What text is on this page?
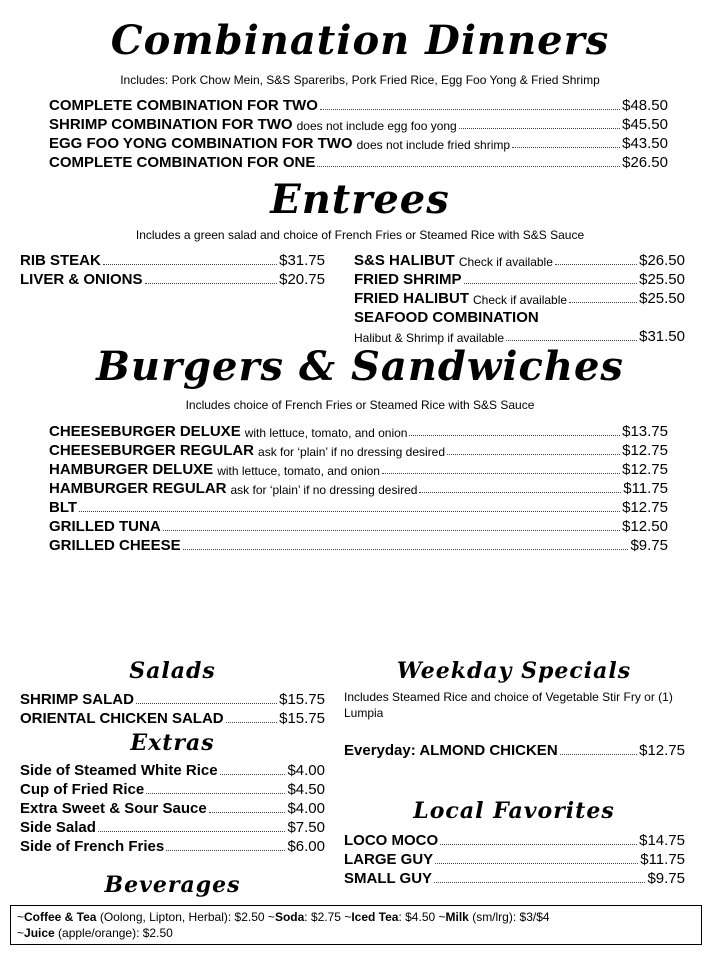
Combination Dinners
Includes: Pork Chow Mein, S&S Spareribs, Pork Fried Rice, Egg Foo Yong & Fried Shrimp
COMPLETE COMBINATION FOR TWO	$48.50
SHRIMP COMBINATION FOR TWO does not include egg foo yong	$45.50
EGG FOO YONG COMBINATION FOR TWO does not include fried shrimp	$43.50
COMPLETE COMBINATION FOR ONE	$26.50
Entrees
Includes a green salad and choice of French Fries or Steamed Rice with S&S Sauce
RIB STEAK	$31.75
LIVER & ONIONS	$20.75
S&S HALIBUT Check if available	$26.50
FRIED SHRIMP	$25.50
FRIED HALIBUT Check if available	$25.50
SEAFOOD COMBINATION
Halibut & Shrimp if available	$31.50
Burgers & Sandwiches
Includes choice of French Fries or Steamed Rice with S&S Sauce
CHEESEBURGER DELUXE with lettuce, tomato, and onion	$13.75
CHEESEBURGER REGULAR ask for ‘plain’ if no dressing desired	$12.75
HAMBURGER DELUXE with lettuce, tomato, and onion	$12.75
HAMBURGER REGULAR ask for ‘plain’ if no dressing desired	$11.75
BLT	$12.75
GRILLED TUNA	$12.50
GRILLED CHEESE	$9.75
Salads
SHRIMP SALAD	$15.75
ORIENTAL CHICKEN SALAD	$15.75
Extras
Side of Steamed White Rice	$4.00
Cup of Fried Rice	$4.50
Extra Sweet & Sour Sauce	$4.00
Side Salad	$7.50
Side of French Fries	$6.00
Beverages
Weekday Specials
Includes Steamed Rice and choice of Vegetable Stir Fry or (1) Lumpia
Everyday: ALMOND CHICKEN	$12.75
Local Favorites
LOCO MOCO	$14.75
LARGE GUY	$11.75
SMALL GUY	$9.75
~Coffee & Tea (Oolong, Lipton, Herbal): $2.50 ~Soda: $2.75 ~Iced Tea: $4.50 ~Milk (sm/lrg): $3/$4
~Juice (apple/orange): $2.50
